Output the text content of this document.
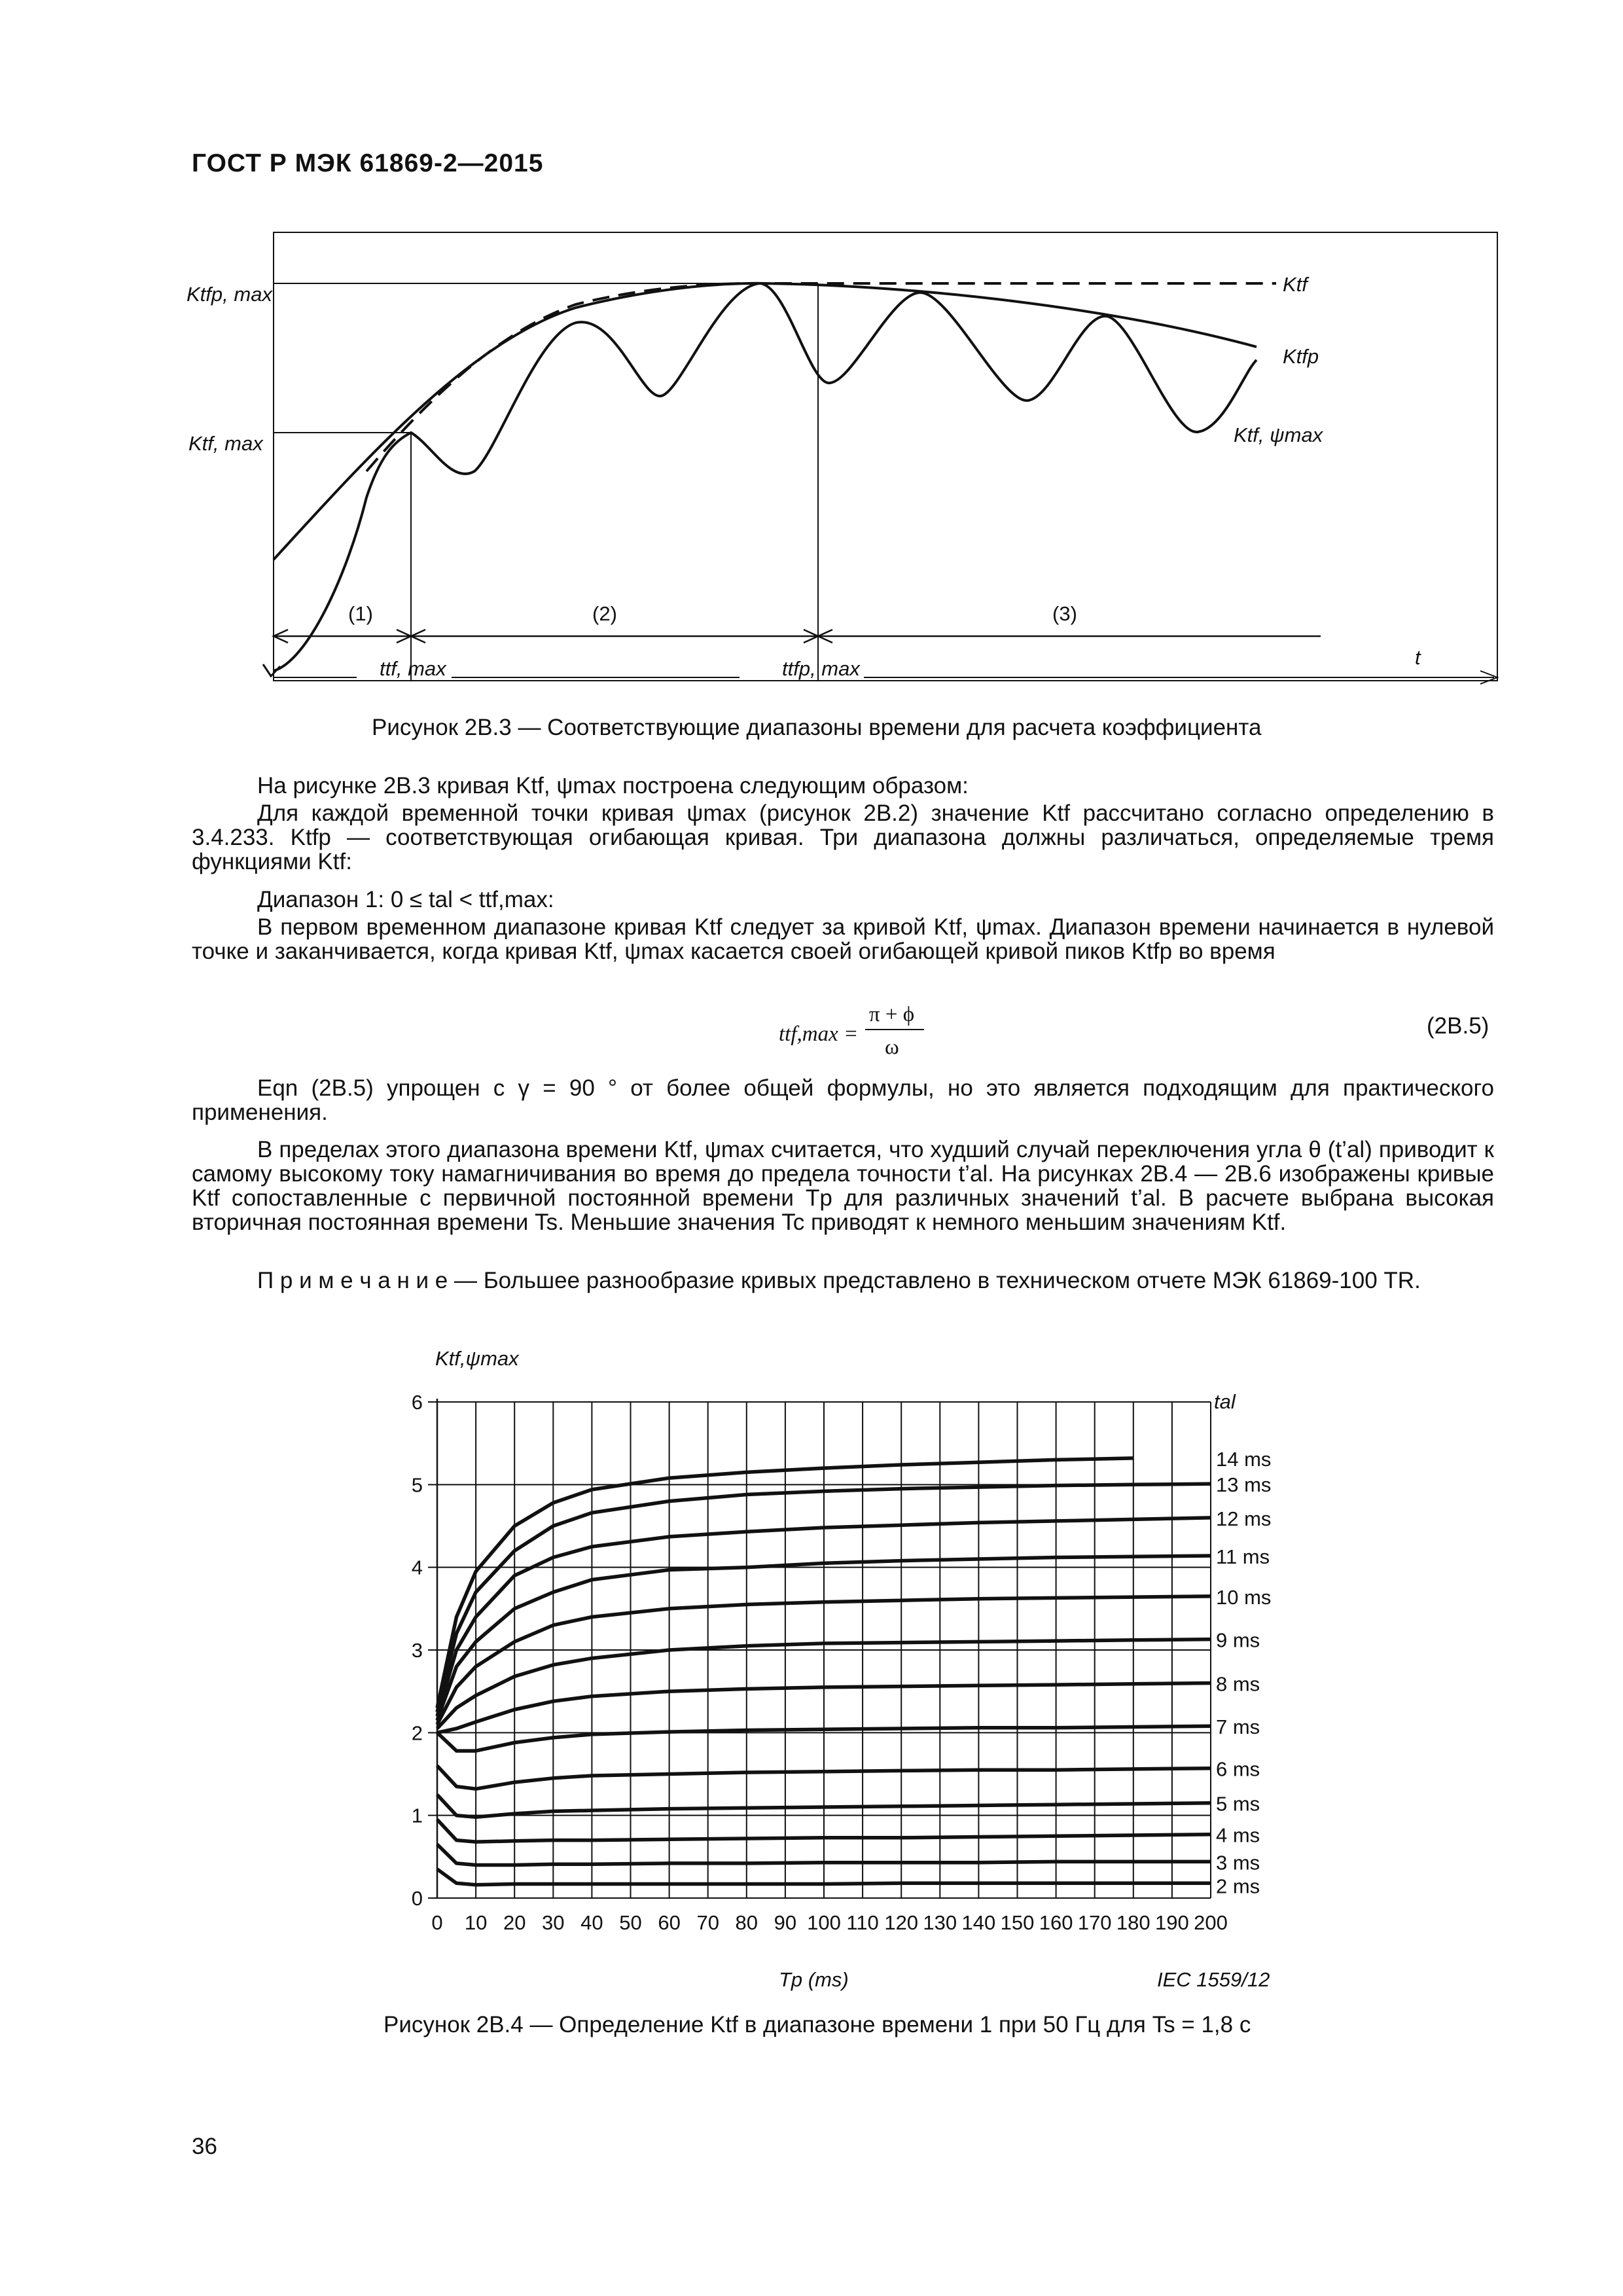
ГОСТ Р МЭК 61869-2—2015
Ktfp, max
Ktf, max
Ktf
Ktfp
Ktf, ψmax
ttf, max	ttfp, max	t
(1)	(2)	(3)
Рисунок 2В.3 — Соответствующие диапазоны времени для расчета коэффициента
На рисунке 2В.3 кривая Ktf, ψmax построена следующим образом:
Для каждой временной точки кривая ψmax (рисунок 2В.2) значение Ktf рассчитано согласно определению в 3.4.233. Ktfp — соответствующая огибающая кривая. Три диапазона должны различаться, определяемые тремя функциями Ktf:
Диапазон 1: 0 ≤ tal < ttf,max:
В первом временном диапазоне кривая Ktf следует за кривой Ktf, ψmax. Диапазон времени начинается в нулевой точке и заканчивается, когда кривая Ktf, ψmax касается своей огибающей кривой пиков Ktfp во время
ttf,max =
π + ϕ
ω
(2В.5)
Eqn (2В.5) упрощен с γ = 90 ° от более общей формулы, но это является подходящим для практического применения.
В пределах этого диапазона времени Ktf, ψmax считается, что худший случай переключения угла θ (t’al) приводит к самому высокому току намагничивания во время до предела точности t’al. На рисунках 2В.4 — 2В.6 изображены кривые Ktf сопоставленные с первичной постоянной времени Tp для различных значений t’al. В расчете выбрана высокая вторичная постоянная времени Ts. Меньшие значения Tc приводят к немного меньшим значениям Ktf.
П р и м е ч а н и е — Большее разнообразие кривых представлено в техническом отчете МЭК 61869-100 TR.
0 10 20 30 40 50 60 70 80 90 100 110 120 130 140 150 160 170 180 190 200
0
1
2
3
4
5
6
14 ms
13 ms
12 ms
11 ms
10 ms
9 ms
8 ms
7 ms
6 ms
5 ms
4 ms
3 ms
2 ms
Ktf,ψmax
tal
Tp (ms)	IEC 1559/12
Рисунок 2В.4 — Определение Ktf в диапазоне времени 1 при 50 Гц для Ts = 1,8 с
36
